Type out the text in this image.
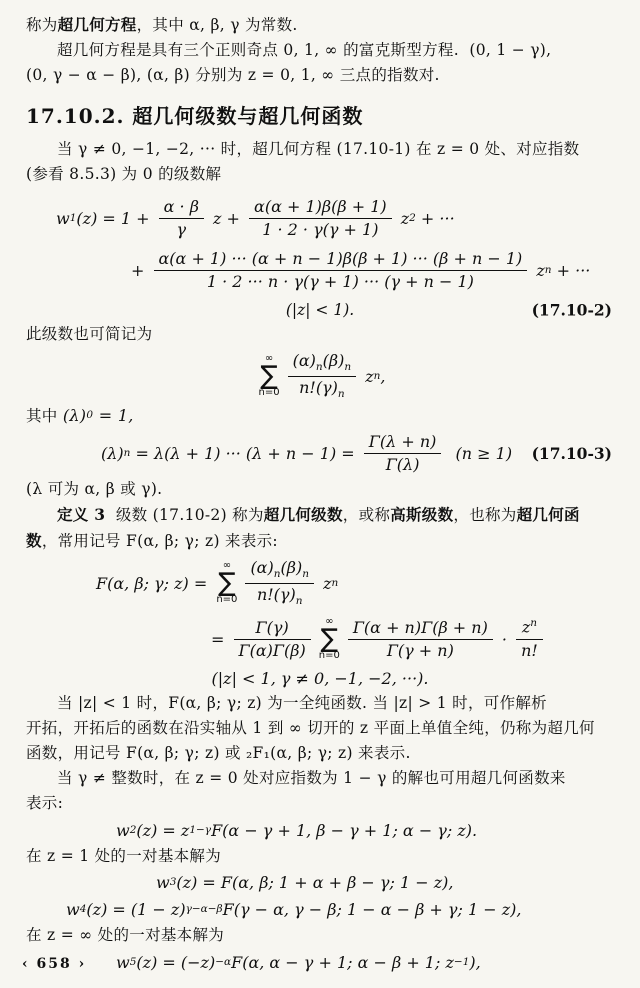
称为超几何方程，其中 α, β, γ 为常数.

超几何方程是具有三个正则奇点 0, 1, ∞ 的富克斯型方程.  (0, 1 − γ),

(0, γ − α − β), (α, β) 分别为 z = 0, 1, ∞ 三点的指数对.

17.10.2. 超几何级数与超几何函数

当 γ ≠ 0, −1, −2, ··· 时，超几何方程 (17.10-1) 在 z = 0 处、对应指数

(参看 8.5.3) 为 0 的级数解

w 1 $(z) = 1 + \frac{\alpha \cdot \beta}{\gamma}$ $z + \frac{\alpha(\alpha + 1)\beta(\beta + 1)}{1 \cdot 2 \cdot \gamma(\gamma + 1)}$ z 2 + ···
+ $\frac{\alpha(\alpha + 1) \cdot\cdot\cdot (\alpha + n - 1)\beta(\beta + 1) \cdot\cdot\cdot (\beta + n - 1)}{1 \cdot 2 \cdot\cdot\cdot n \cdot \gamma(\gamma + 1) \cdot\cdot\cdot (\gamma + n - 1)}$ z n + ···
(|z| < 1).	(17.10-2)

此级数也可简记为

∞
∑
$n=0 \frac{(\alpha)_n(\beta)_n}{n!(\gamma)_n}$ z n ,

其中 (λ) 0 = 1,

(λ) n = λ(λ + 1) ··· $(\lambda + n - 1) = \frac{\Gamma(\lambda + n)}{\Gamma(\lambda)} (n \ge 1)$ (17.10-3)

(λ 可为 α, β 或 γ).

定义 3  级数 (17.10-2) 称为超几何级数，或称高斯级数，也称为超几何函

数，常用记号 F(α, β; γ; z) 来表示:

F(α, β; γ; z) =
∞
∑
$n=0 \frac{(\alpha)_n(\beta)_n}{n!(\gamma)_n}$ z n
= $\frac{\Gamma(\gamma)}{\Gamma(\alpha)\Gamma(\beta)}$ ∞
∑
$n=0 \frac{\Gamma(\alpha + n)\Gamma(\beta + n)}{\Gamma(\gamma + n)} \cdot \frac{z^n}{n!}$
(|z| < 1, γ ≠ 0, −1, −2, ···).

当 |z| < 1 时，F(α, β; γ; z) 为一全纯函数. 当 |z| > 1 时，可作解析

开拓，开拓后的函数在沿实轴从 1 到 ∞ 切开的 z 平面上单值全纯，仍称为超几何

函数，用记号 F(α, β; γ; z) 或 ₂F₁(α, β; γ; z) 来表示.

当 γ ≠ 整数时，在 z = 0 处对应指数为 1 − γ 的解也可用超几何函数来

表示:

w 2 (z) = z 1−γ F(α − γ + 1, β − γ + 1; α − γ; z).

在 z = 1 处的一对基本解为

w 3 (z) = F(α, β; 1 + α + β − γ; 1 − z),
w 4 (z) = (1 − z) γ−α−β F(γ − α, γ − β; 1 − α − β + γ; 1 − z),

在 z = ∞ 处的一对基本解为

w 5 (z) = (−z) −α F(α, α − γ + 1; α − β + 1; z −1 ),
‹ 658 ›
